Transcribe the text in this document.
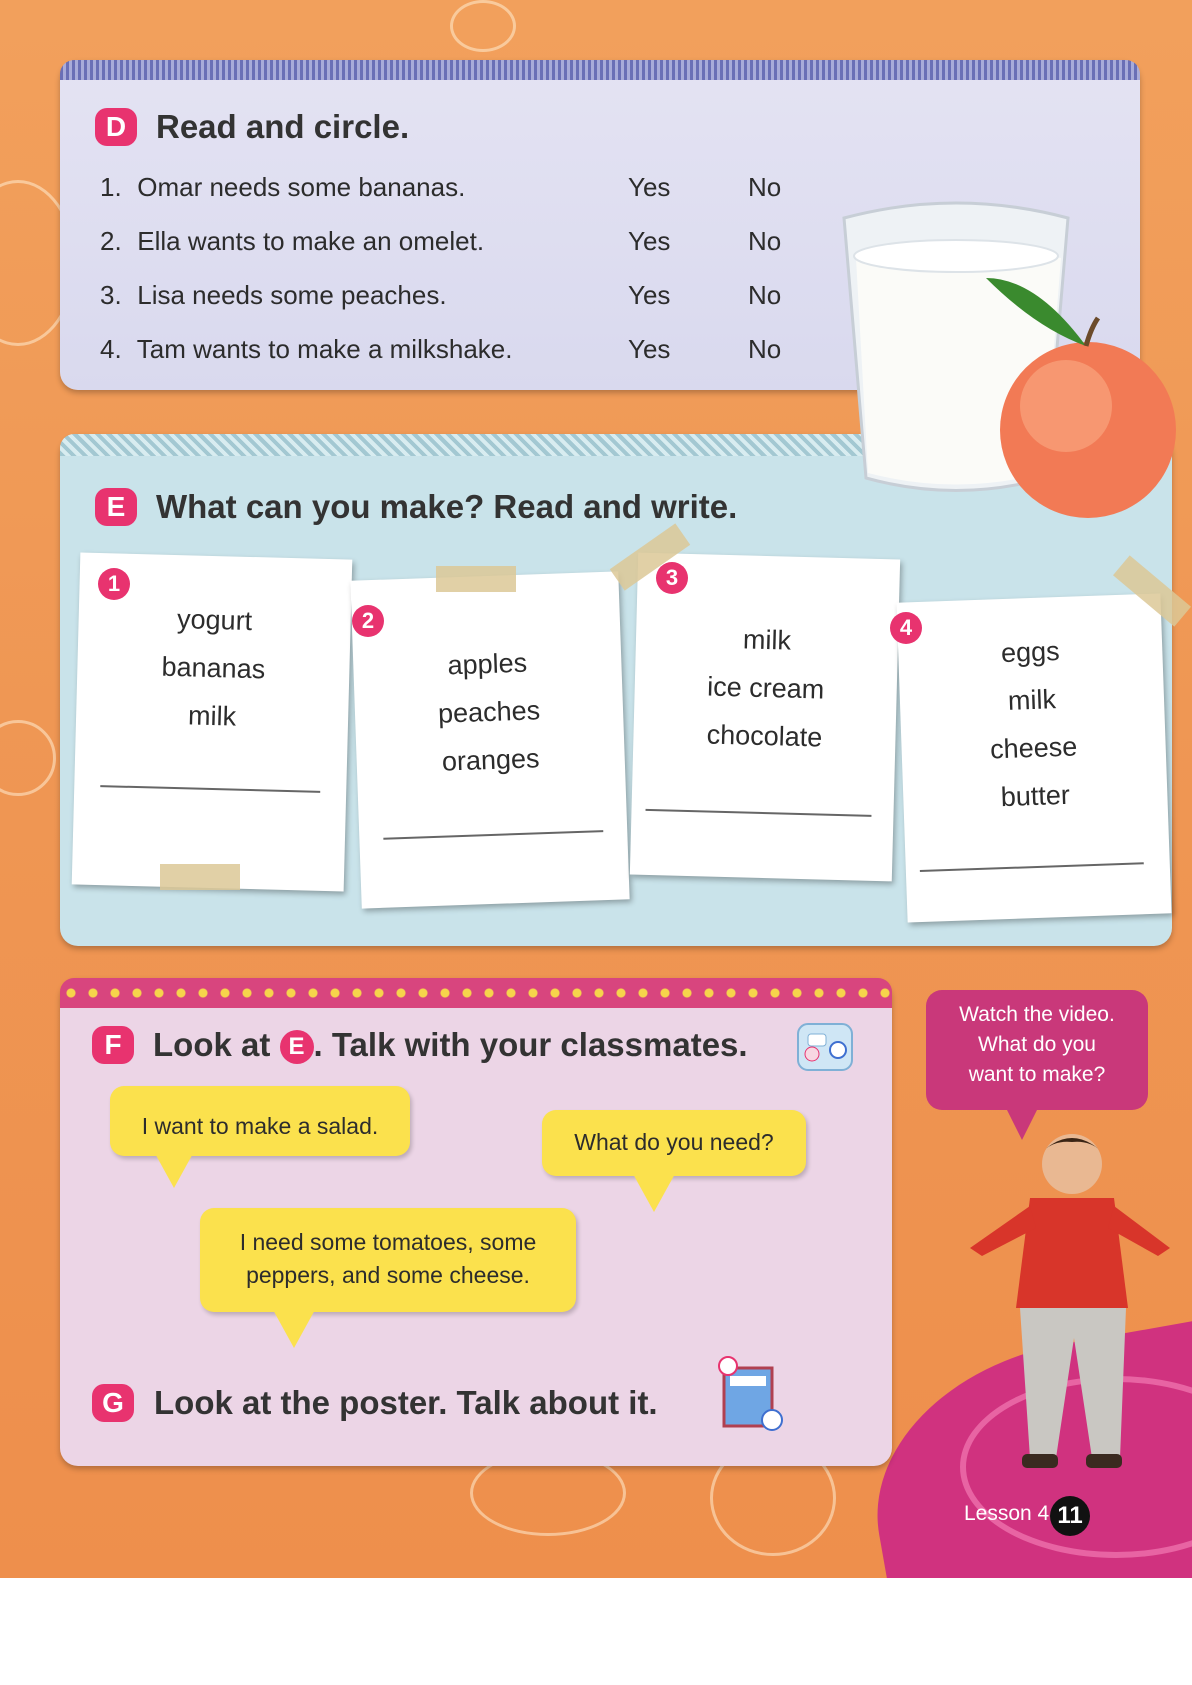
D Read and circle.
1. Omar needs some bananas.	Yes	No
2. Ella wants to make an omelet.	Yes	No
3. Lisa needs some peaches.	Yes	No
4. Tam wants to make a milkshake.	Yes	No
E What can you make? Read and write.
yogurt
bananas
milk
1
apples
peaches
oranges
2
milk
ice cream
chocolate
3
eggs
milk
cheese
butter
4
F Look at E . Talk with your classmates.
I want to make a salad.
What do you need?
I need some tomatoes, some
peppers, and some cheese.
G Look at the poster. Talk about it.
Watch the video.
What do you
want to make?
Lesson 4 11
